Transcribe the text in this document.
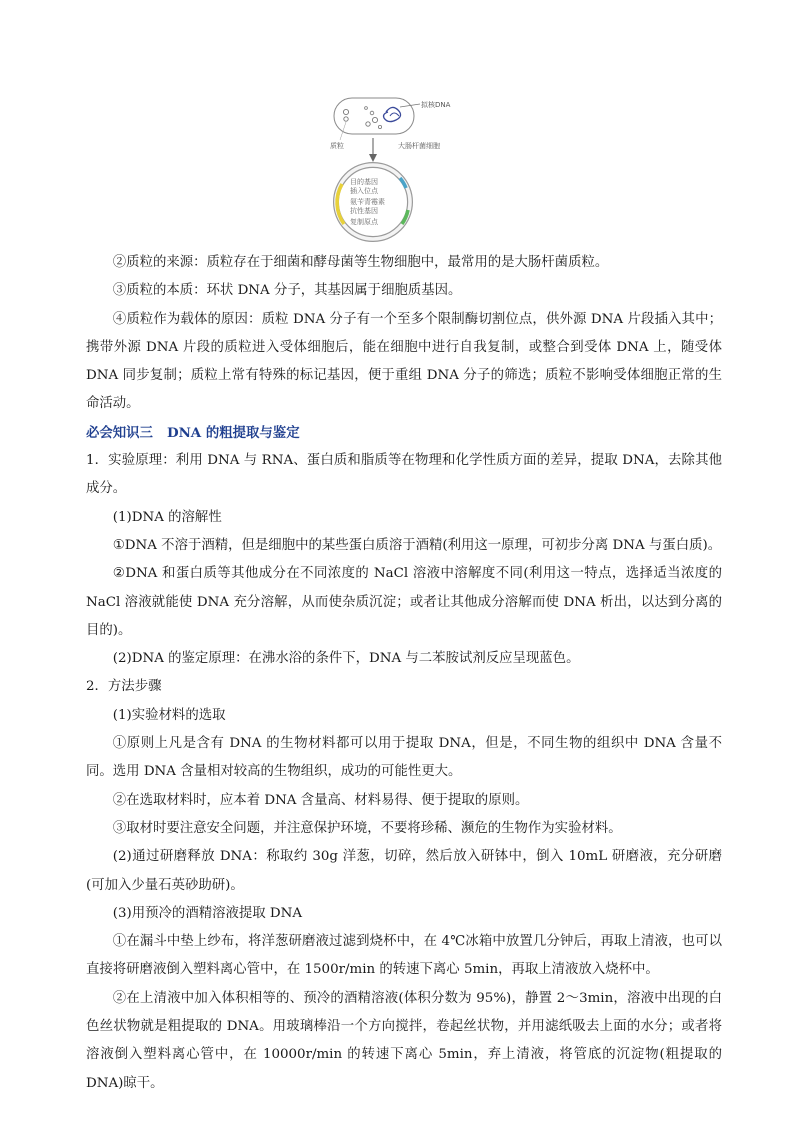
拟核DNA
质粒	大肠杆菌细胞
目的基因
插入位点
氨苄青霉素
抗性基因
复制原点

②质粒的来源：质粒存在于细菌和酵母菌等生物细胞中，最常用的是大肠杆菌质粒。

③质粒的本质：环状 DNA 分子，其基因属于细胞质基因。

④质粒作为载体的原因：质粒 DNA 分子有一个至多个限制酶切割位点，供外源 DNA 片段插入其中；携带外源 DNA 片段的质粒进入受体细胞后，能在细胞中进行自我复制，或整合到受体 DNA 上，随受体 DNA 同步复制；质粒上常有特殊的标记基因，便于重组 DNA 分子的筛选；质粒不影响受体细胞正常的生命活动。

必会知识三 DNA 的粗提取与鉴定

1．实验原理：利用 DNA 与 RNA、蛋白质和脂质等在物理和化学性质方面的差异，提取 DNA，去除其他成分。

(1)DNA 的溶解性

①DNA 不溶于酒精，但是细胞中的某些蛋白质溶于酒精(利用这一原理，可初步分离 DNA 与蛋白质)。

②DNA 和蛋白质等其他成分在不同浓度的 NaCl 溶液中溶解度不同(利用这一特点，选择适当浓度的 NaCl 溶液就能使 DNA 充分溶解，从而使杂质沉淀；或者让其他成分溶解而使 DNA 析出，以达到分离的目的)。

(2)DNA 的鉴定原理：在沸水浴的条件下，DNA 与二苯胺试剂反应呈现蓝色。

2．方法步骤

(1)实验材料的选取

①原则上凡是含有 DNA 的生物材料都可以用于提取 DNA，但是，不同生物的组织中 DNA 含量不同。选用 DNA 含量相对较高的生物组织，成功的可能性更大。

②在选取材料时，应本着 DNA 含量高、材料易得、便于提取的原则。

③取材时要注意安全问题，并注意保护环境，不要将珍稀、濒危的生物作为实验材料。

(2)通过研磨释放 DNA：称取约 30g 洋葱，切碎，然后放入研钵中，倒入 10mL 研磨液，充分研磨(可加入少量石英砂助研)。

(3)用预冷的酒精溶液提取 DNA

①在漏斗中垫上纱布，将洋葱研磨液过滤到烧杯中，在 4℃冰箱中放置几分钟后，再取上清液，也可以直接将研磨液倒入塑料离心管中，在 1500r/min 的转速下离心 5min，再取上清液放入烧杯中。

②在上清液中加入体积相等的、预冷的酒精溶液(体积分数为 95%)，静置 2～3min，溶液中出现的白色丝状物就是粗提取的 DNA。用玻璃棒沿一个方向搅拌，卷起丝状物，并用滤纸吸去上面的水分；或者将溶液倒入塑料离心管中，在 10000r/min 的转速下离心 5min，弃上清液，将管底的沉淀物(粗提取的 DNA)晾干。
